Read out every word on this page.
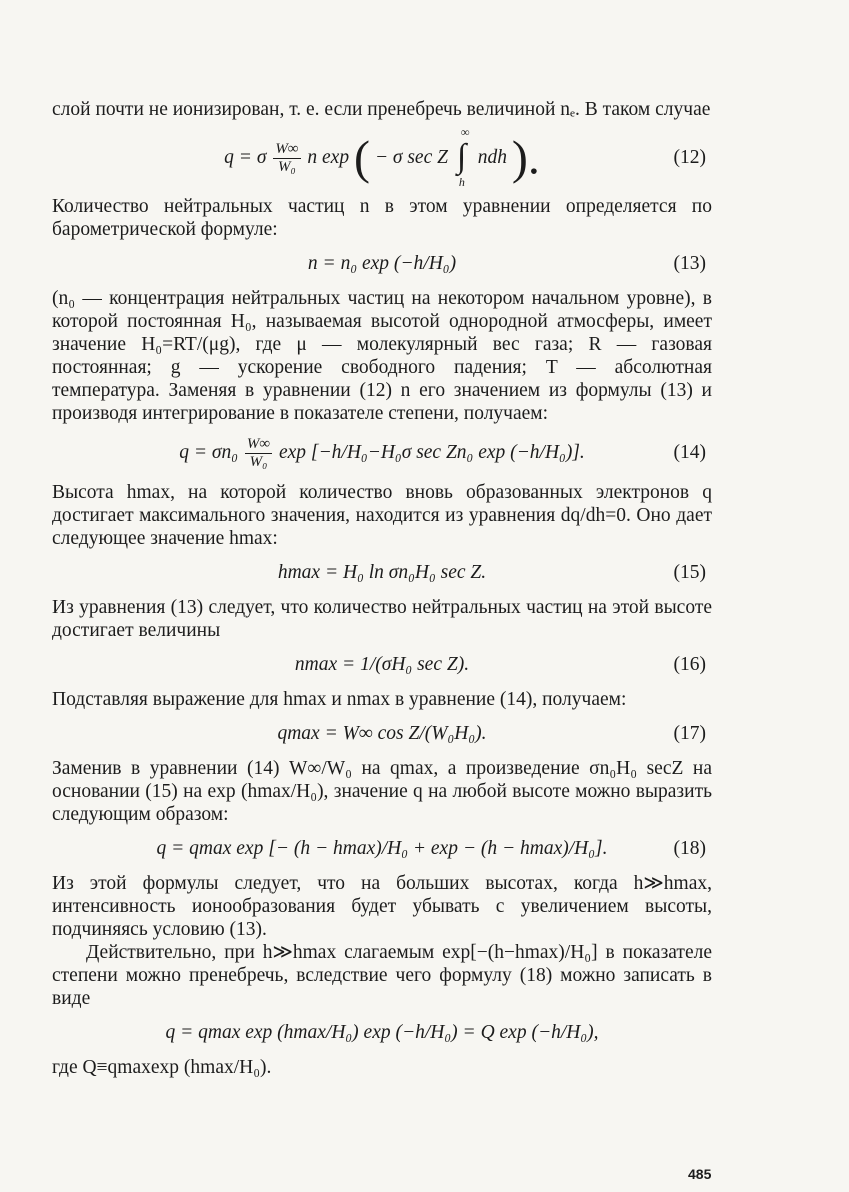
слой почти не ионизирован, т. е. если пренебречь величиной nₑ. В таком случае

q = σ $\frac{W\infty}{\text{W₀}}$ n exp ( − σ sec Z ∫
∞
h
ndh ).	(12)

Количество нейтральных частиц n в этом уравнении определяется по барометрической формуле:

n = n₀ exp (−h/H₀)	(13)

(n₀ — концентрация нейтральных частиц на некотором начальном уровне), в которой постоянная H₀, называемая высотой однородной атмосферы, имеет значение H₀=RT/(μg), где μ — молекулярный вес газа; R — газовая постоянная; g — ускорение свободного падения; T — абсолютная температура. Заменяя в уравнении (12) n его значением из формулы (13) и производя интегрирование в показателе степени, получаем:

$q = \sigma n_0 \frac{W\infty}{\text{W₀}}$ exp [−h/H₀−H₀σ sec Zn₀ exp (−h/H₀)].	(14)

Высота hmax, на которой количество вновь образованных электронов q достигает максимального значения, находится из уравнения dq/dh=0. Оно дает следующее значение hmax:

hmax = H₀ ln σn₀H₀ sec Z.	(15)

Из уравнения (13) следует, что количество нейтральных частиц на этой высоте достигает величины

nmax = 1/(σH₀ sec Z).	(16)

Подставляя выражение для hmax и nmax в уравнение (14), получаем:

qmax = W∞ cos Z/(W₀H₀).	(17)

Заменив в уравнении (14) W∞/W₀ на qmax, а произведение σn₀H₀ secZ на основании (15) на exp (hmax/H₀), значение q на любой высоте можно выразить следующим образом:

q = qmax exp [− (h − hmax)/H₀ + exp − (h − hmax)/H₀].	(18)

Из этой формулы следует, что на больших высотах, когда h≫hmax, интенсивность ионообразования будет убывать с увеличением высоты, подчиняясь условию (13).

Действительно, при h≫hmax слагаемым exp[−(h−hmax)/H₀] в показателе степени можно пренебречь, вследствие чего формулу (18) можно записать в виде

q = qmax exp (hmax/H₀) exp (−h/H₀) = Q exp (−h/H₀),

где Q≡qmaxexp (hmax/H₀).

485
